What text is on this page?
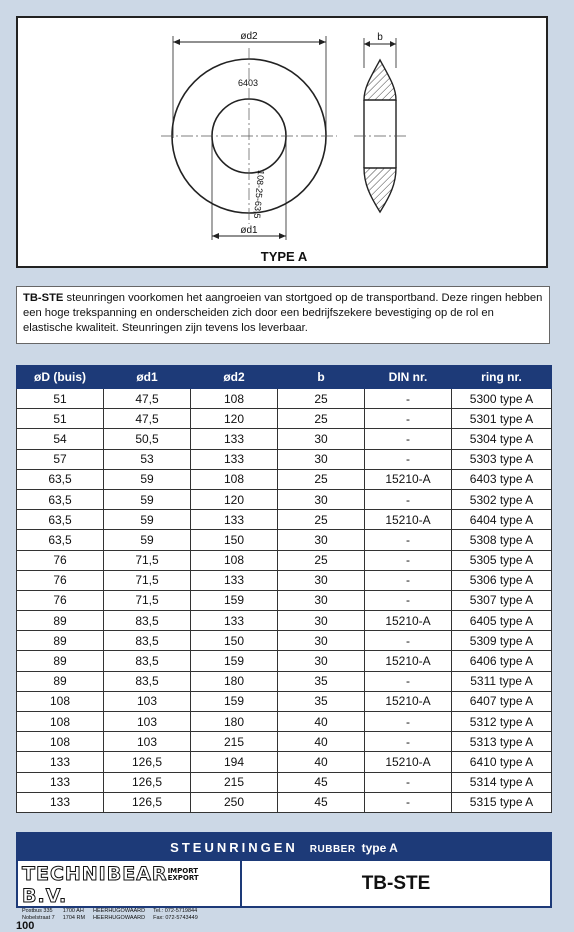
ød2
ød1
b
6403
108-25-63,5
TYPE A
TB-STE steunringen voorkomen het aangroeien van stortgoed op de transportband. Deze ringen hebben een hoge trekspanning en onderscheiden zich door een bedrijfszekere bevestiging op de rol en elastische kwaliteit. Steunringen zijn tevens los leverbaar.
øD (buis)	ød1	ød2	b	DIN nr.	ring nr.
51	47,5	108	25	-	5300 type A
51	47,5	120	25	-	5301 type A
54	50,5	133	30	-	5304 type A
57	53	133	30	-	5303 type A
63,5	59	108	25	15210-A	6403 type A
63,5	59	120	30	-	5302 type A
63,5	59	133	25	15210-A	6404 type A
63,5	59	150	30	-	5308 type A
76	71,5	108	25	-	5305 type A
76	71,5	133	30	-	5306 type A
76	71,5	159	30	-	5307 type A
89	83,5	133	30	15210-A	6405 type A
89	83,5	150	30	-	5309 type A
89	83,5	159	30	15210-A	6406 type A
89	83,5	180	35	-	5311 type A
108	103	159	35	15210-A	6407 type A
108	103	180	40	-	5312 type A
108	103	215	40	-	5313 type A
133	126,5	194	40	15210-A	6410 type A
133	126,5	215	45	-	5314 type A
133	126,5	250	45	-	5315 type A
STEUNRINGEN RUBBER type A
TECHNIBEARIMPORT
EXPORTB.V.
Postbus 335
Nobelstraat 7
1700 AH
1704 RM
HEERHUGOWAARD
HEERHUGOWAARD
Tel.: 072-5719844
Fax: 072-5743449
TB-STE
100
